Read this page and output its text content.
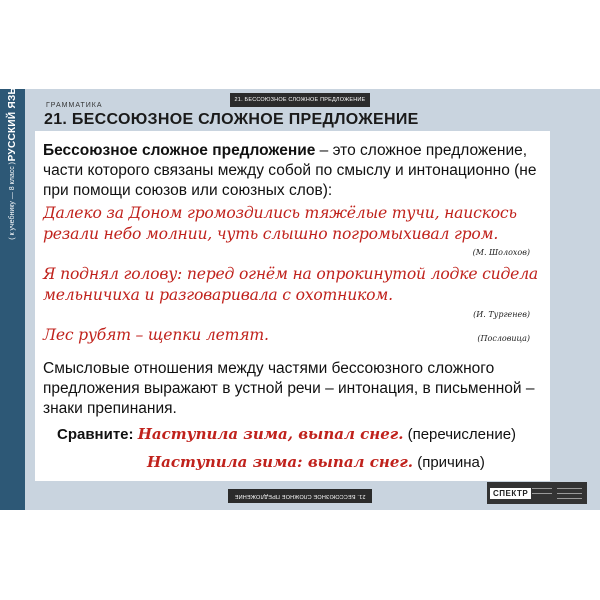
РУССКИЙ ЯЗЫК
( к учебнику — 8 класс )
21. БЕССОЮЗНОЕ СЛОЖНОЕ ПРЕДЛОЖЕНИЕ
ГРАММАТИКА
21. БЕССОЮЗНОЕ СЛОЖНОЕ ПРЕДЛОЖЕНИЕ
Бессоюзное сложное предложение – это сложное предложение, части которого связаны между собой по смыслу и интонационно (не при помощи союзов или союзных слов):
Далеко за Доном громоздились тяжёлые тучи, наискось
резали небо молнии, чуть слышно погромыхивал гром.
(М. Шолохов)
Я поднял голову: перед огнём на опрокинутой лодке сидела
мельничиха и разговаривала с охотником.
(И. Тургенев)
Лес рубят – щепки летят.	(Пословица)
Смысловые отношения между частями бессоюзного сложного предложения выражают в устной речи – интонация, в письменной – знаки препинания.
Сравните: Наступила зима, выпал снег. (перечисление)
Наступила зима: выпал снег. (причина)
21. БЕССОЮЗНОЕ СЛОЖНОЕ ПРЕДЛОЖЕНИЕ	СПЕКТР
